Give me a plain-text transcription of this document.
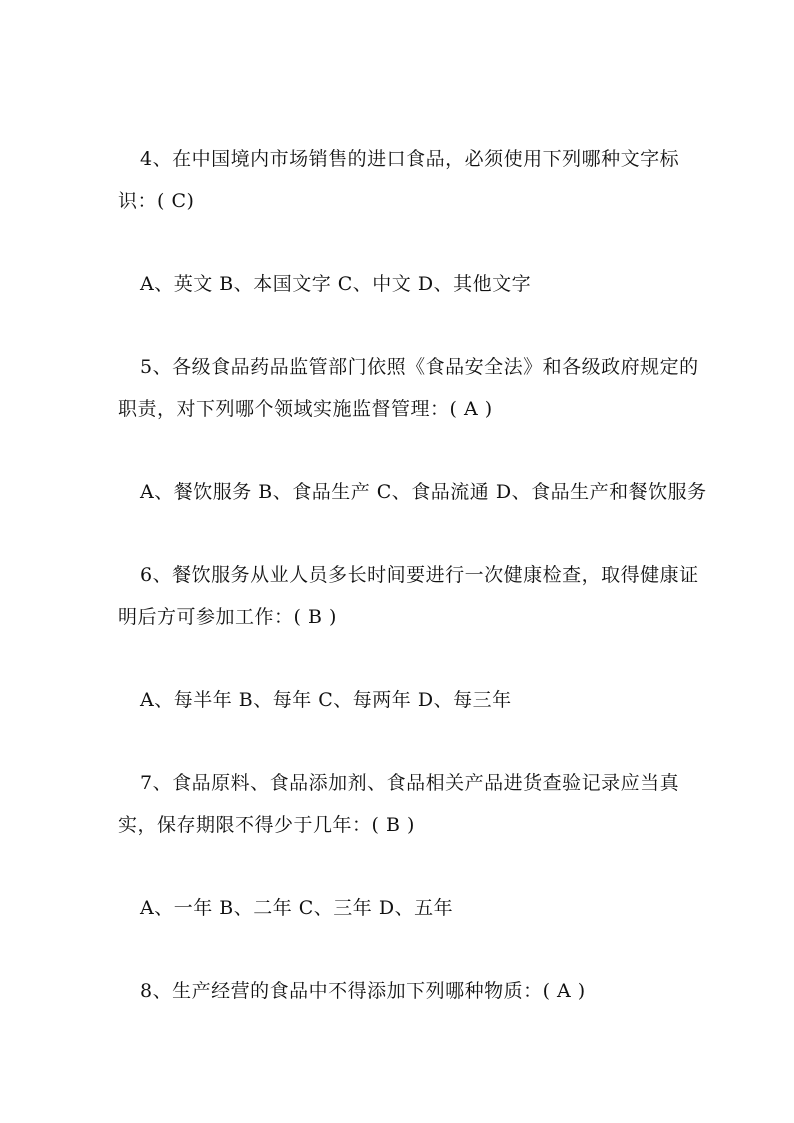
4、在中国境内市场销售的进口食品，必须使用下列哪种文字标
识：( C)
A、英文 B、本国文字 C、中文 D、其他文字
5、各级食品药品监管部门依照《食品安全法》和各级政府规定的
职责，对下列哪个领域实施监督管理：( A )
A、餐饮服务 B、食品生产 C、食品流通 D、食品生产和餐饮服务
6、餐饮服务从业人员多长时间要进行一次健康检查，取得健康证
明后方可参加工作：( B )
A、每半年 B、每年 C、每两年 D、每三年
7、食品原料、食品添加剂、食品相关产品进货查验记录应当真
实，保存期限不得少于几年：( B )
A、一年 B、二年 C、三年 D、五年
8、生产经营的食品中不得添加下列哪种物质：( A )
